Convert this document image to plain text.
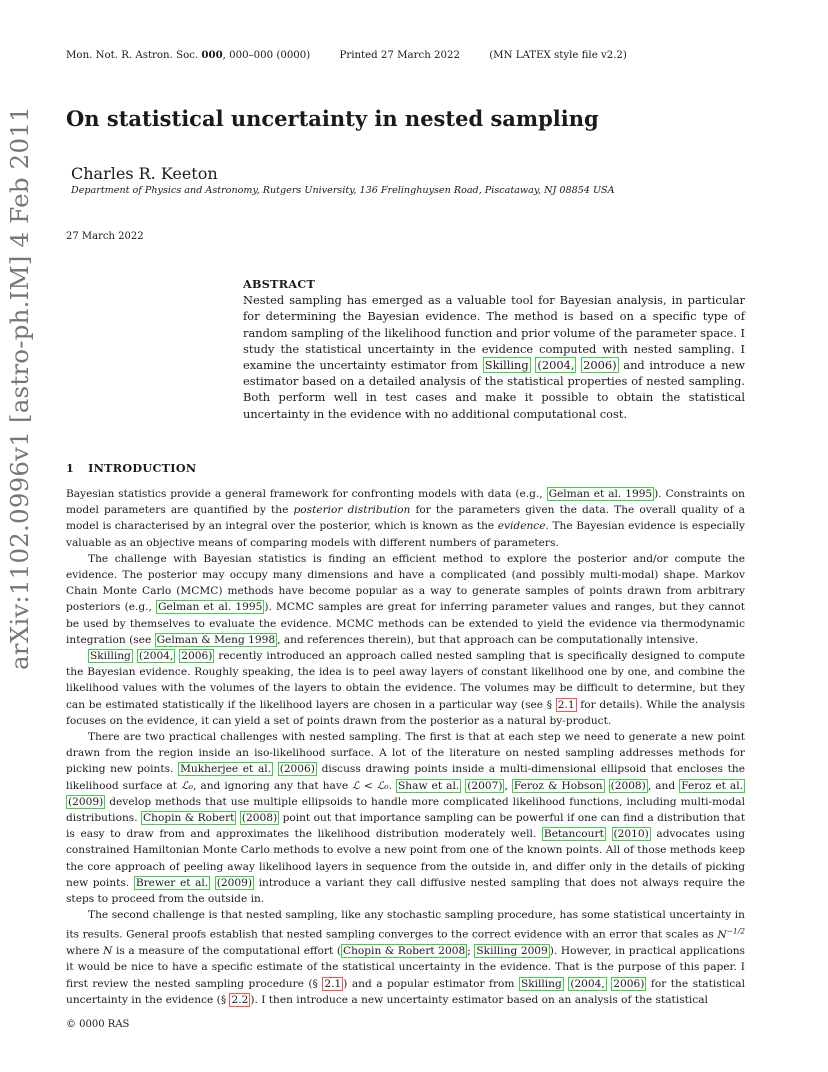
Mon. Not. R. Astron. Soc. 000, 000–000 (0000)	Printed 27 March 2022	(MN LATEX style file v2.2)
arXiv:1102.0996v1 [astro-ph.IM] 4 Feb 2011 On statistical uncertainty in nested sampling
Charles R. Keeton
Department of Physics and Astronomy, Rutgers University, 136 Frelinghuysen Road, Piscataway, NJ 08854 USA
27 March 2022
ABSTRACT
Nested sampling has emerged as a valuable tool for Bayesian analysis, in particular for determining the Bayesian evidence. The method is based on a specific type of random sampling of the likelihood function and prior volume of the parameter space. I study the statistical uncertainty in the evidence computed with nested sampling. I examine the uncertainty estimator from Skilling (2004, 2006) and introduce a new estimator based on a detailed analysis of the statistical properties of nested sampling. Both perform well in test cases and make it possible to obtain the statistical uncertainty in the evidence with no additional computational cost.
1 INTRODUCTION

Bayesian statistics provide a general framework for confronting models with data (e.g., Gelman et al. 1995 ). Constraints on model parameters are quantified by the posterior distribution for the parameters given the data. The overall quality of a model is characterised by an integral over the posterior, which is known as the evidence. The Bayesian evidence is especially valuable as an objective means of comparing models with different numbers of parameters.

The challenge with Bayesian statistics is finding an efficient method to explore the posterior and/or compute the evidence. The posterior may occupy many dimensions and have a complicated (and possibly multi-modal) shape. Markov Chain Monte Carlo (MCMC) methods have become popular as a way to generate samples of points drawn from arbitrary posteriors (e.g., Gelman et al. 1995 ). MCMC samples are great for inferring parameter values and ranges, but they cannot be used by themselves to evaluate the evidence. MCMC methods can be extended to yield the evidence via thermodynamic integration (see Gelman & Meng 1998 , and references therein), but that approach can be computationally intensive.

Skilling (2004, 2006) recently introduced an approach called nested sampling that is specifically designed to compute the Bayesian evidence. Roughly speaking, the idea is to peel away layers of constant likelihood one by one, and combine the likelihood values with the volumes of the layers to obtain the evidence. The volumes may be difficult to determine, but they can be estimated statistically if the likelihood layers are chosen in a particular way (see § 2.1 for details). While the analysis focuses on the evidence, it can yield a set of points drawn from the posterior as a natural by-product.

There are two practical challenges with nested sampling. The first is that at each step we need to generate a new point drawn from the region inside an iso-likelihood surface. A lot of the literature on nested sampling addresses methods for picking new points. Mukherjee et al. (2006) discuss drawing points inside a multi-dimensional ellipsoid that encloses the likelihood surface at ℒ₀, and ignoring any that have ℒ < ℒ₀. Shaw et al. (2007) , Feroz & Hobson (2008) , and Feroz et al. (2009) develop methods that use multiple ellipsoids to handle more complicated likelihood functions, including multi-modal distributions. Chopin & Robert (2008) point out that importance sampling can be powerful if one can find a distribution that is easy to draw from and approximates the likelihood distribution moderately well. Betancourt (2010) advocates using constrained Hamiltonian Monte Carlo methods to evolve a new point from one of the known points. All of those methods keep the core approach of peeling away likelihood layers in sequence from the outside in, and differ only in the details of picking new points. Brewer et al. (2009) introduce a variant they call diffusive nested sampling that does not always require the steps to proceed from the outside in.

The second challenge is that nested sampling, like any stochastic sampling procedure, has some statistical uncertainty in its results. General proofs establish that nested sampling converges to the correct evidence with an error that scales as $N^{-1/2}$ where N is a measure of the computational effort ( Chopin & Robert 2008 ; Skilling 2009 ). However, in practical applications it would be nice to have a specific estimate of the statistical uncertainty in the evidence. That is the purpose of this paper. I first review the nested sampling procedure (§ 2.1 ) and a popular estimator from Skilling (2004, 2006) for the statistical uncertainty in the evidence (§ 2.2 ). I then introduce a new uncertainty estimator based on an analysis of the statistical

© 0000 RAS
